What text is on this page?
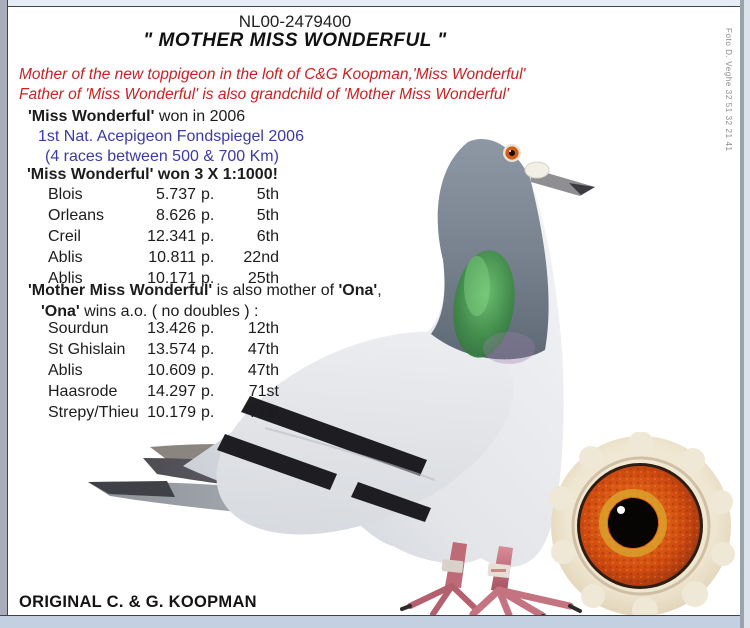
NL00-2479400
" MOTHER MISS WONDERFUL "
Mother of the new toppigeon in the loft of C&G Koopman,'Miss Wonderful'
Father of 'Miss Wonderful' is also grandchild of 'Mother Miss Wonderful'
'Miss Wonderful' won in 2006
1st Nat. Acepigeon Fondspiegel 2006
(4 races between 500 & 700 Km)
'Miss Wonderful' won 3 X 1:1000!
Blois	5.737 p.	5th
Orleans	8.626 p.	5th
Creil	12.341 p.	6th
Ablis	10.811 p.	22nd
Ablis	10.171 p.	25th
'Mother Miss Wonderful' is also mother of 'Ona',
'Ona' wins a.o. ( no doubles ) :
Sourdun	13.426 p.	12th
St Ghislain	13.574 p.	47th
Ablis	10.609 p.	47th
Haasrode	14.297 p.	71st
Strepy/Thieu 10.179 p.	71st
ORIGINAL C. & G. KOOPMAN
Foto D. Veghe 32 51 32 21 41
